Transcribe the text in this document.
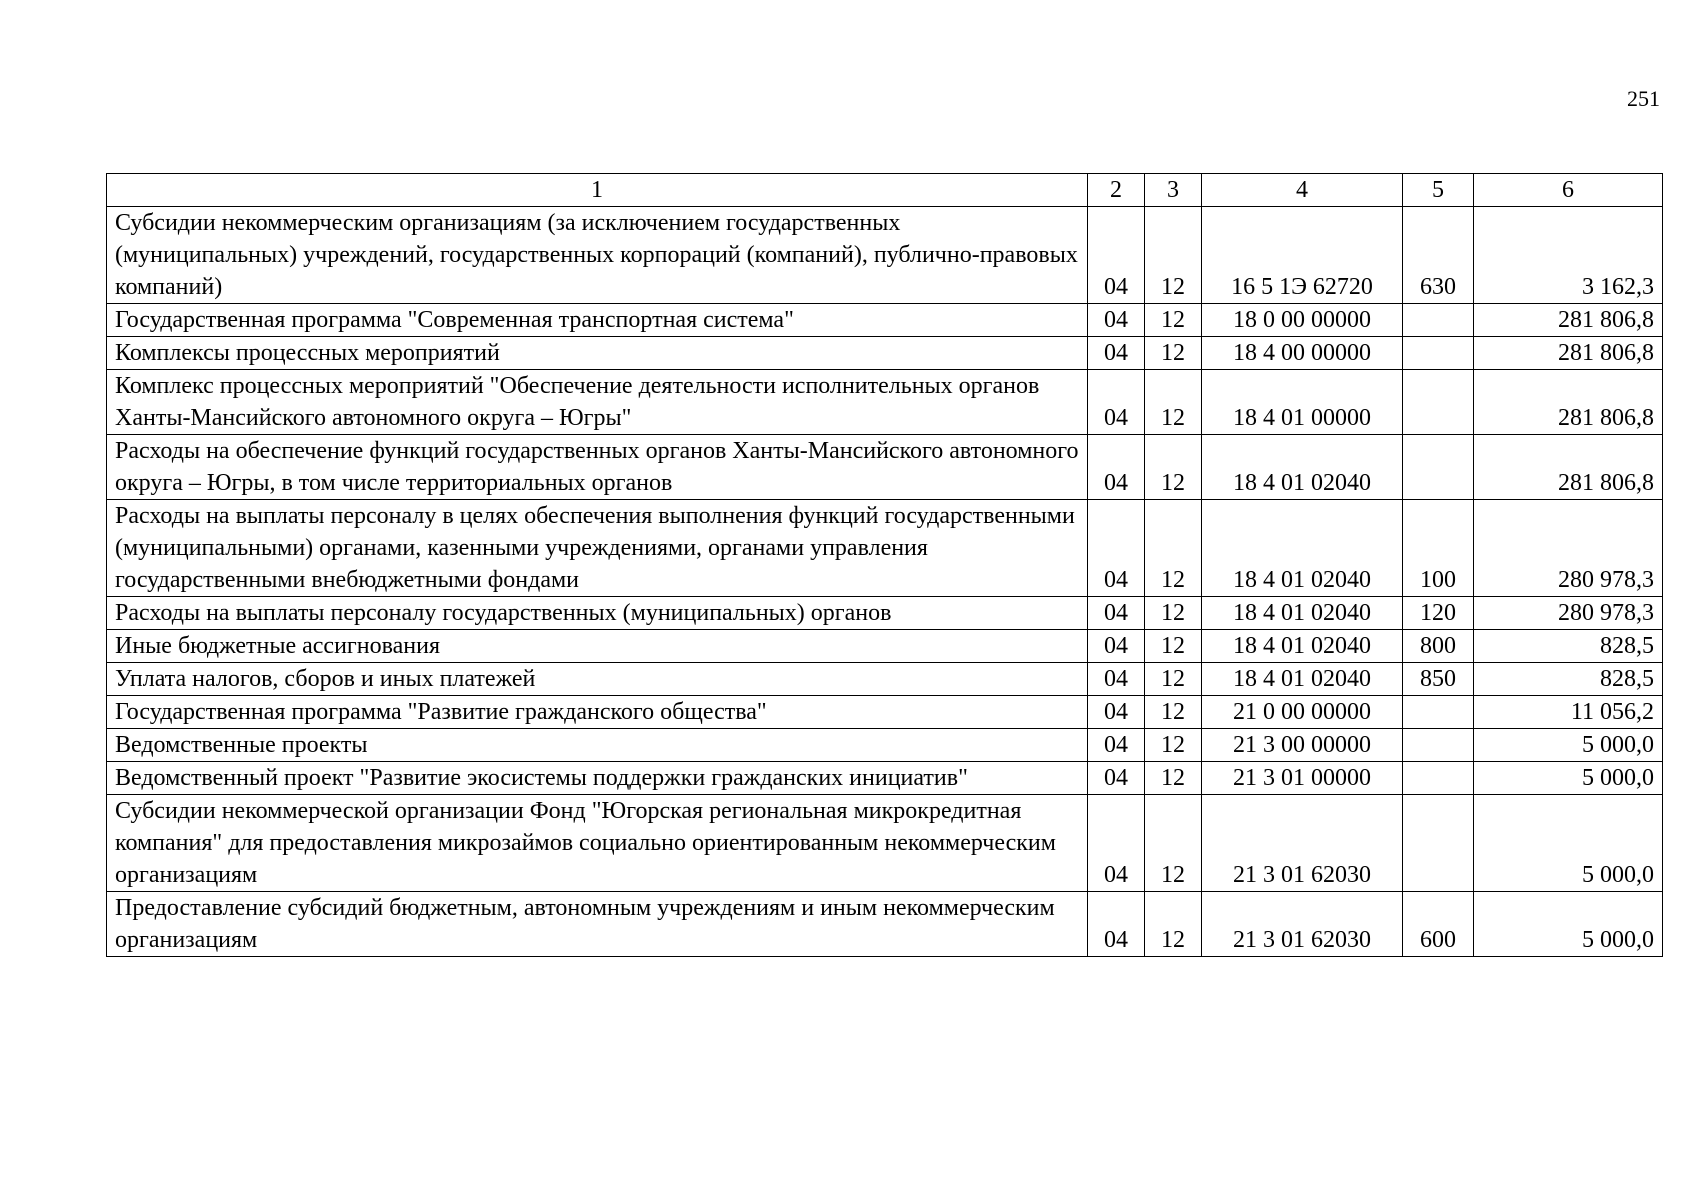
251
1	2	3	4	5	6
Субсидии некоммерческим организациям (за исключением государственных (муниципальных) учреждений, государственных корпораций (компаний), публично-правовых компаний)	04	12	16 5 1Э 62720	630	3 162,3
Государственная программа "Современная транспортная система"	04	12	18 0 00 00000		281 806,8
Комплексы процессных мероприятий	04	12	18 4 00 00000		281 806,8
Комплекс процессных мероприятий "Обеспечение деятельности исполнительных органов Ханты-Мансийского автономного округа – Югры"	04	12	18 4 01 00000		281 806,8
Расходы на обеспечение функций государственных органов Ханты-Мансийского автономного округа – Югры, в том числе территориальных органов	04	12	18 4 01 02040		281 806,8
Расходы на выплаты персоналу в целях обеспечения выполнения функций государственными (муниципальными) органами, казенными учреждениями, органами управления государственными внебюджетными фондами	04	12	18 4 01 02040	100	280 978,3
Расходы на выплаты персоналу государственных (муниципальных) органов	04	12	18 4 01 02040	120	280 978,3
Иные бюджетные ассигнования	04	12	18 4 01 02040	800	828,5
Уплата налогов, сборов и иных платежей	04	12	18 4 01 02040	850	828,5
Государственная программа "Развитие гражданского общества"	04	12	21 0 00 00000		11 056,2
Ведомственные проекты	04	12	21 3 00 00000		5 000,0
Ведомственный проект "Развитие экосистемы поддержки гражданских инициатив"	04	12	21 3 01 00000		5 000,0
Субсидии некоммерческой организации Фонд "Югорская региональная микрокредитная компания" для предоставления микрозаймов социально ориентированным некоммерческим организациям	04	12	21 3 01 62030		5 000,0
Предоставление субсидий бюджетным, автономным учреждениям и иным некоммерческим организациям	04	12	21 3 01 62030	600	5 000,0
